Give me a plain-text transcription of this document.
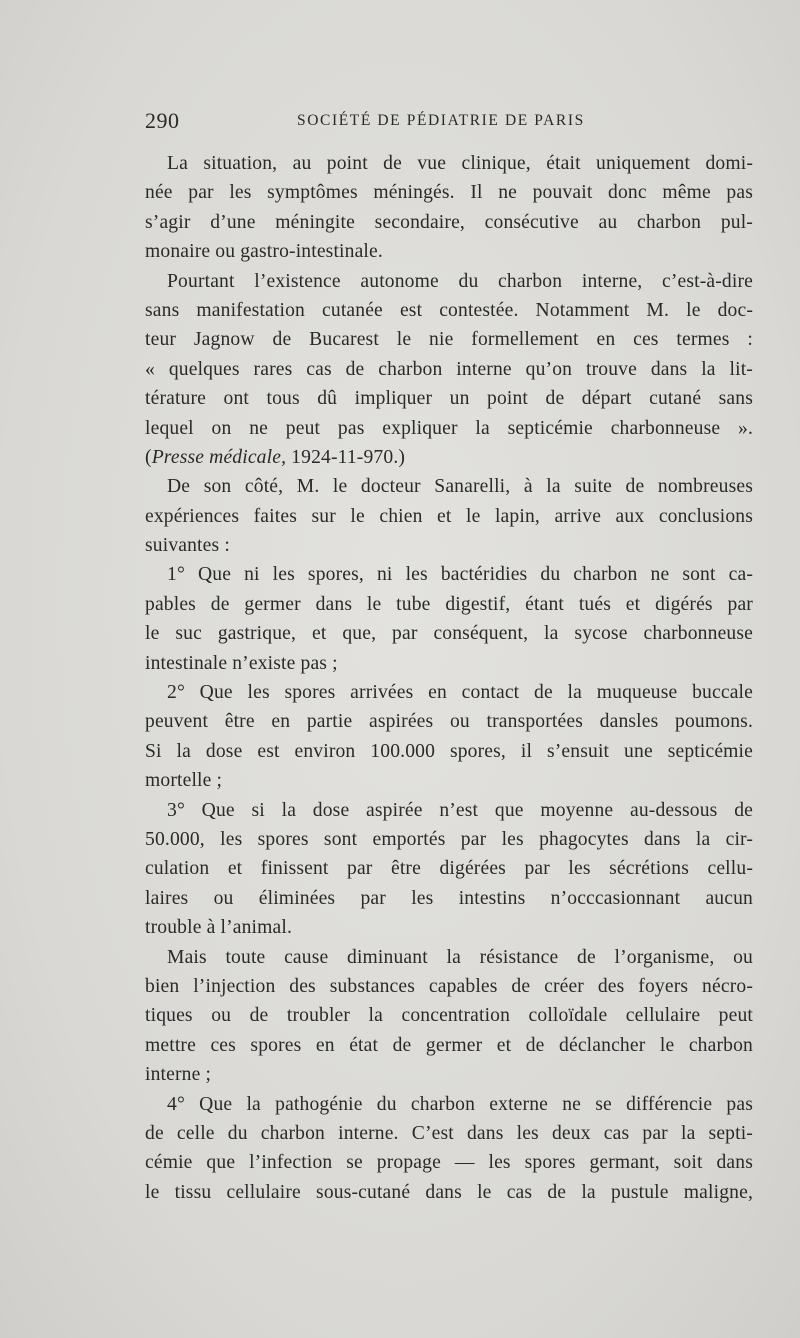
290	SOCIÉTÉ DE PÉDIATRIE DE PARIS
La situation, au point de vue clinique, était uniquement domi-
née par les symptômes méningés. Il ne pouvait donc même pas
s’agir d’une méningite secondaire, consécutive au charbon pul-
monaire ou gastro-intestinale.
Pourtant l’existence autonome du charbon interne, c’est-à-dire
sans manifestation cutanée est contestée. Notamment M. le doc-
teur Jagnow de Bucarest le nie formellement en ces termes :
« quelques rares cas de charbon interne qu’on trouve dans la lit-
térature ont tous dû impliquer un point de départ cutané sans
lequel on ne peut pas expliquer la septicémie charbonneuse ».
(Presse médicale, 1924-11-970.)
De son côté, M. le docteur Sanarelli, à la suite de nombreuses
expériences faites sur le chien et le lapin, arrive aux conclusions
suivantes :
1° Que ni les spores, ni les bactéridies du charbon ne sont ca-
pables de germer dans le tube digestif, étant tués et digérés par
le suc gastrique, et que, par conséquent, la sycose charbonneuse
intestinale n’existe pas ;
2° Que les spores arrivées en contact de la muqueuse buccale
peuvent être en partie aspirées ou transportées dansles poumons.
Si la dose est environ 100.000 spores, il s’ensuit une septicémie
mortelle ;
3° Que si la dose aspirée n’est que moyenne au-dessous de
50.000, les spores sont emportés par les phagocytes dans la cir-
culation et finissent par être digérées par les sécrétions cellu-
laires ou éliminées par les intestins n’occcasionnant aucun
trouble à l’animal.
Mais toute cause diminuant la résistance de l’organisme, ou
bien l’injection des substances capables de créer des foyers nécro-
tiques ou de troubler la concentration colloïdale cellulaire peut
mettre ces spores en état de germer et de déclancher le charbon
interne ;
4° Que la pathogénie du charbon externe ne se différencie pas
de celle du charbon interne. C’est dans les deux cas par la septi-
cémie que l’infection se propage — les spores germant, soit dans
le tissu cellulaire sous-cutané dans le cas de la pustule maligne,
